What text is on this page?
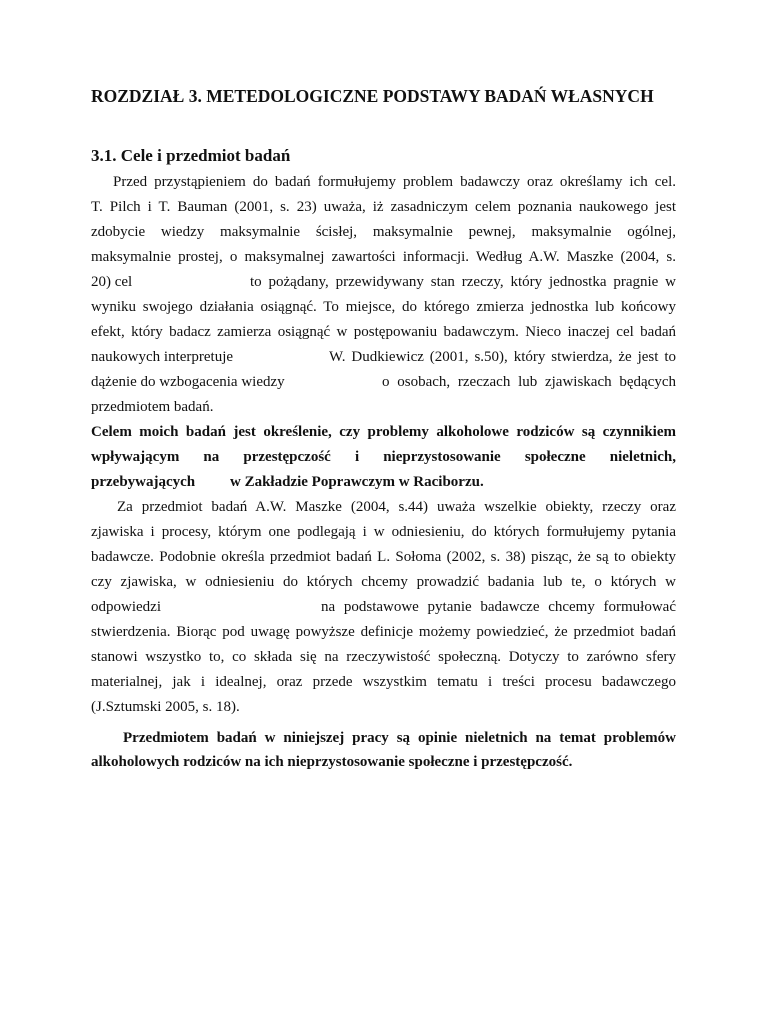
ROZDZIAŁ 3. METEDOLOGICZNE PODSTAWY BADAŃ WŁASNYCH
3.1. Cele i przedmiot badań
Przed przystąpieniem do badań formułujemy problem badawczy oraz określamy ich cel.
T. Pilch i T. Bauman (2001, s. 23) uważa, iż zasadniczym celem poznania naukowego jest
zdobycie wiedzy maksymalnie ścisłej, maksymalnie pewnej, maksymalnie ogólnej,
maksymalnie prostej, o maksymalnej zawartości informacji. Według A.W. Maszke (2004, s.
20) cel	to pożądany, przewidywany stan rzeczy, który jednostka pragnie w
wyniku swojego działania osiągnąć. To miejsce, do którego zmierza jednostka lub końcowy
efekt, który badacz zamierza osiągnąć w postępowaniu badawczym. Nieco inaczej cel badań
naukowych interpretuje	W. Dudkiewicz (2001, s.50), który stwierdza, że jest to
dążenie do wzbogacenia wiedzy	o osobach, rzeczach lub zjawiskach będących
przedmiotem badań.
Celem moich badań jest określenie, czy problemy alkoholowe rodziców są czynnikiem
wpływającym na przestępczość i nieprzystosowanie społeczne nieletnich,
przebywających w Zakładzie Poprawczym w Raciborzu.
Za przedmiot badań A.W. Maszke (2004, s.44) uważa wszelkie obiekty, rzeczy oraz
zjawiska i procesy, którym one podlegają i w odniesieniu, do których formułujemy pytania
badawcze. Podobnie określa przedmiot badań L. Sołoma (2002, s. 38) pisząc, że są to obiekty
czy zjawiska, w odniesieniu do których chcemy prowadzić badania lub te, o których w
odpowiedzi	na podstawowe pytanie badawcze chcemy formułować
stwierdzenia. Biorąc pod uwagę powyższe definicje możemy powiedzieć, że przedmiot badań
stanowi wszystko to, co składa się na rzeczywistość społeczną. Dotyczy to zarówno sfery
materialnej, jak i idealnej, oraz przede wszystkim tematu i treści procesu badawczego
(J.Sztumski 2005, s. 18).
Przedmiotem badań w niniejszej pracy są opinie nieletnich na temat problemów
alkoholowych rodziców na ich nieprzystosowanie społeczne i przestępczość.
